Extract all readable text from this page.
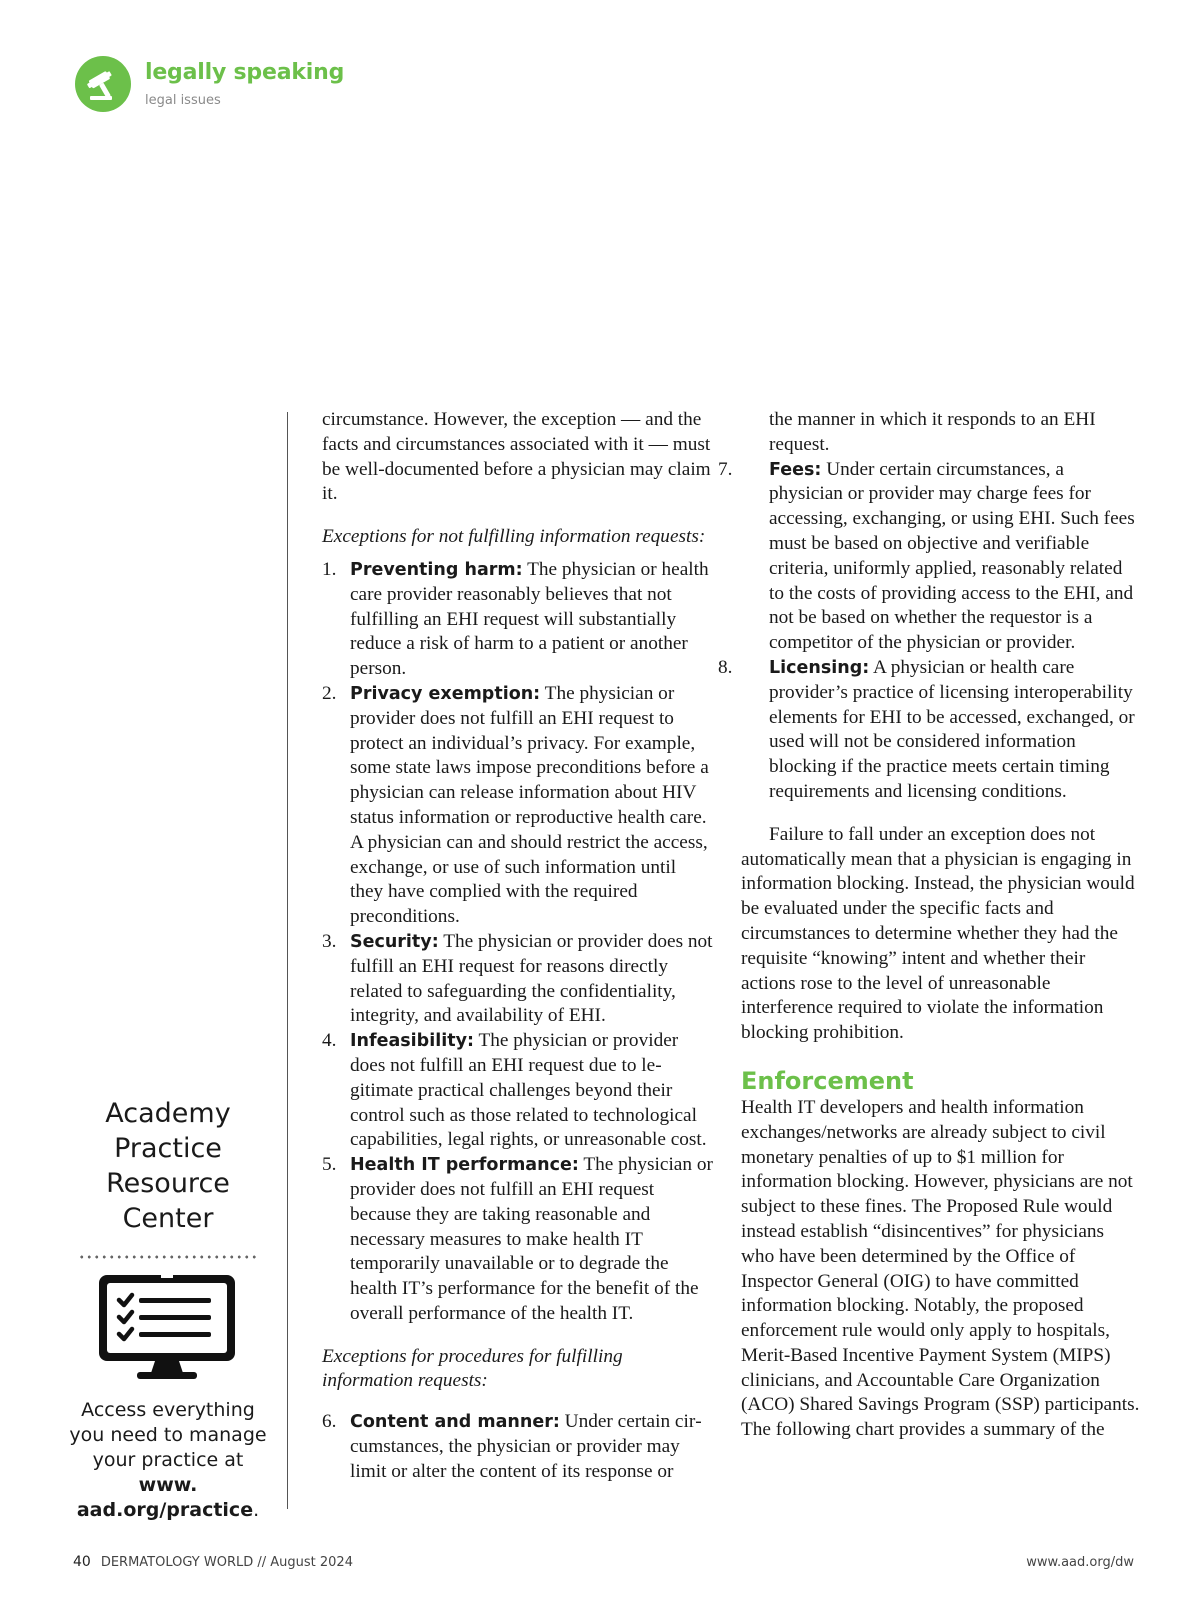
legally speaking
legal issues
Academy
Practice
Resource
Center
Access everything you need to manage your practice at www. aad.org/practice.

circumstance. However, the exception — and the facts and circumstances associated with it — must be well-documented before a physician may claim it.

Exceptions for not fulfilling information requests:

1. Preventing harm: The physician or health care provider reasonably believes that not fulfilling an EHI request will substantially reduce a risk of harm to a patient or another person.
2. Privacy exemption: The physician or provider does not fulfill an EHI request to protect an individual’s privacy. For example, some state laws impose preconditions before a physician can release information about HIV status information or reproductive health care. A physician can and should restrict the access, exchange, or use of such information until they have complied with the required preconditions.
3. Security: The physician or provider does not fulfill an EHI request for reasons directly related to safeguarding the confidentiality, integrity, and availability of EHI.
4. Infeasibility: The physician or provider does not fulfill an EHI request due to legitimate practical challenges beyond their control such as those related to technological capabilities, legal rights, or unreasonable cost.
5. Health IT performance: The physician or provider does not fulfill an EHI request because they are taking reasonable and necessary measures to make health IT temporarily unavailable or to degrade the health IT’s performance for the benefit of the overall performance of the health IT.

Exceptions for procedures for fulfilling information requests:

6. Content and manner: Under certain circumstances, the physician or provider may limit or alter the content of its response or

the manner in which it responds to an EHI request.

7. Fees: Under certain circumstances, a physician or provider may charge fees for accessing, exchanging, or using EHI. Such fees must be based on objective and verifiable criteria, uniformly applied, reasonably related to the costs of providing access to the EHI, and not be based on whether the requestor is a competitor of the physician or provider.
8. Licensing: A physician or health care provider’s practice of licensing interoperability elements for EHI to be accessed, exchanged, or used will not be considered information blocking if the practice meets certain timing requirements and licensing conditions.

Failure to fall under an exception does not automatically mean that a physician is engaging in information blocking. Instead, the physician would be evaluated under the specific facts and circumstances to determine whether they had the requisite “knowing” intent and whether their actions rose to the level of unreasonable interference required to violate the information blocking prohibition.

Enforcement

Health IT developers and health information exchanges/networks are already subject to civil monetary penalties of up to $1 million for information blocking. However, physicians are not subject to these fines. The Proposed Rule would instead establish “disincentives” for physicians who have been determined by the Office of Inspector General (OIG) to have committed information blocking. Notably, the proposed enforcement rule would only apply to hospitals, Merit-Based Incentive Payment System (MIPS) clinicians, and Accountable Care Organization (ACO) Shared Savings Program (SSP) participants.

The following chart provides a summary of the

40 DERMATOLOGY WORLD // August 2024	www.aad.org/dw
